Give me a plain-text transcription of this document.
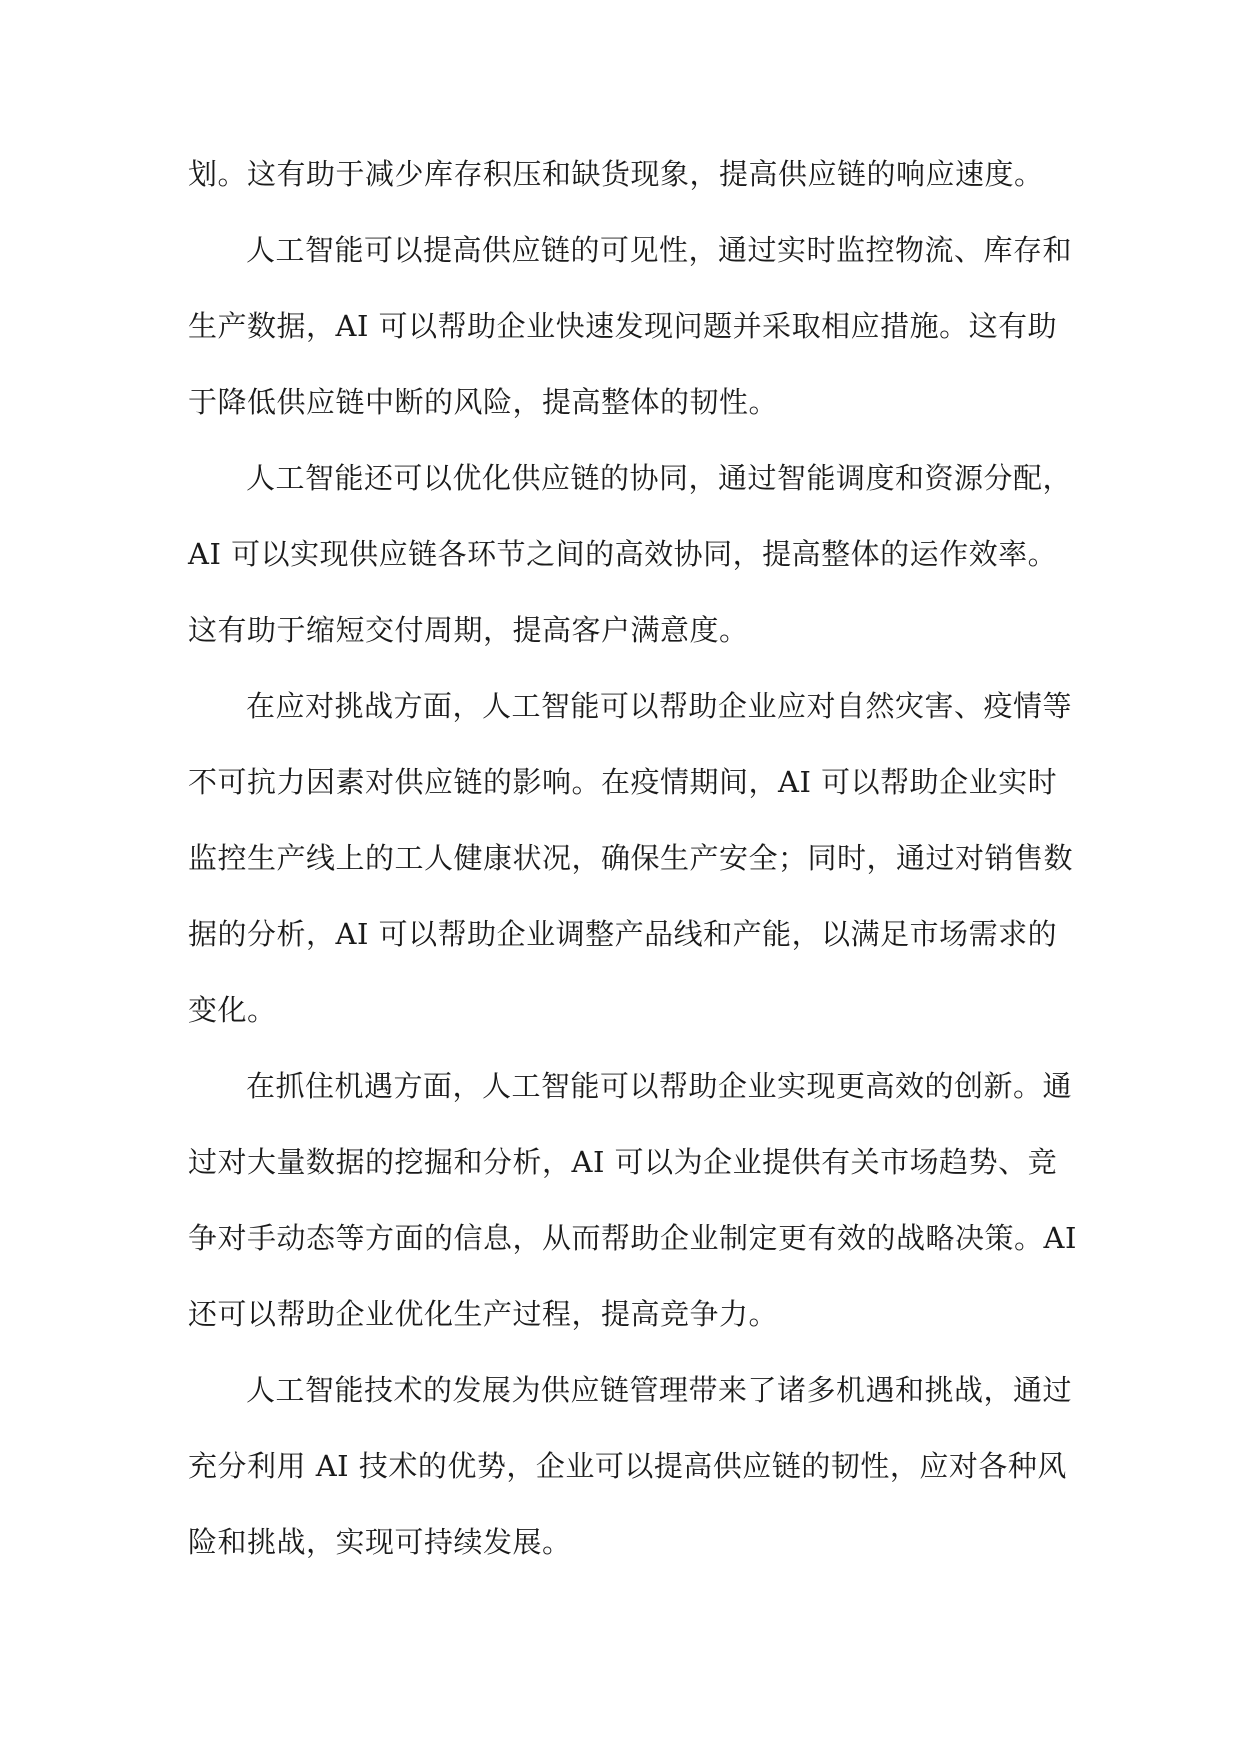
划。这有助于减少库存积压和缺货现象，提高供应链的响应速度。
人工智能可以提高供应链的可见性，通过实时监控物流、库存和
生产数据，AI 可以帮助企业快速发现问题并采取相应措施。这有助
于降低供应链中断的风险，提高整体的韧性。
人工智能还可以优化供应链的协同，通过智能调度和资源分配，
AI 可以实现供应链各环节之间的高效协同，提高整体的运作效率。
这有助于缩短交付周期，提高客户满意度。
在应对挑战方面，人工智能可以帮助企业应对自然灾害、疫情等
不可抗力因素对供应链的影响。在疫情期间，AI 可以帮助企业实时
监控生产线上的工人健康状况，确保生产安全；同时，通过对销售数
据的分析，AI 可以帮助企业调整产品线和产能，以满足市场需求的
变化。
在抓住机遇方面，人工智能可以帮助企业实现更高效的创新。通
过对大量数据的挖掘和分析，AI 可以为企业提供有关市场趋势、竞
争对手动态等方面的信息，从而帮助企业制定更有效的战略决策。AI
还可以帮助企业优化生产过程，提高竞争力。
人工智能技术的发展为供应链管理带来了诸多机遇和挑战，通过
充分利用 AI 技术的优势，企业可以提高供应链的韧性，应对各种风
险和挑战，实现可持续发展。
